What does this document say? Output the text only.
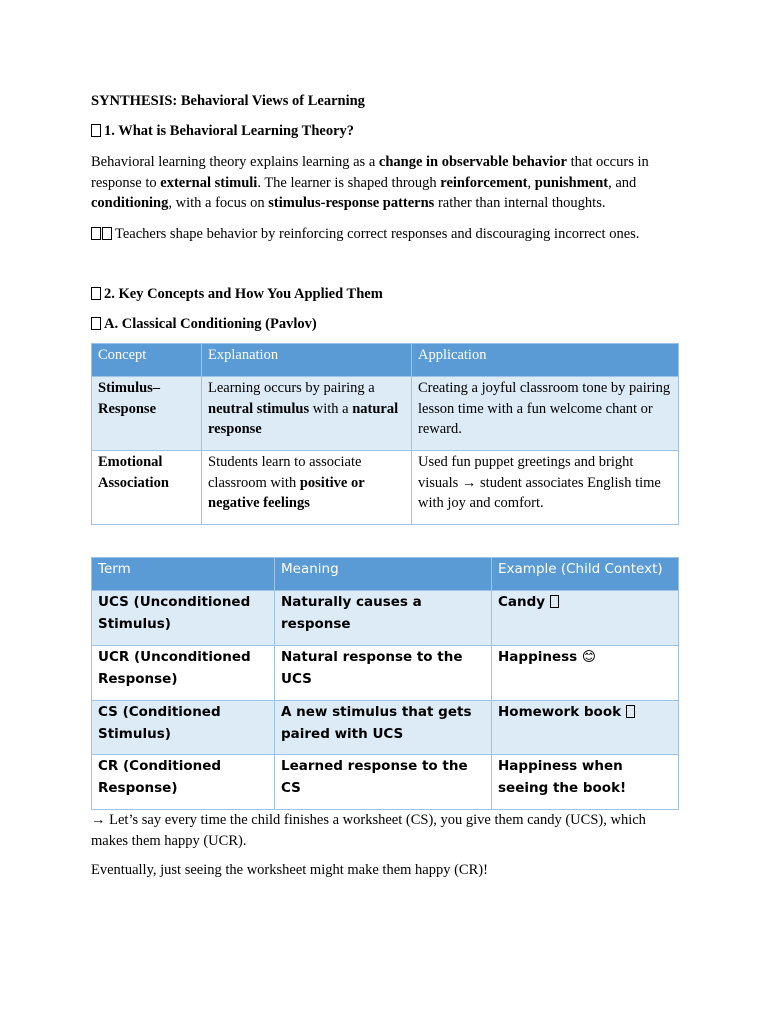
SYNTHESIS: Behavioral Views of Learning

1. What is Behavioral Learning Theory?

Behavioral learning theory explains learning as a change in observable behavior that occurs in response to external stimuli. The learner is shaped through reinforcement, punishment, and conditioning, with a focus on stimulus-response patterns rather than internal thoughts.

Teachers shape behavior by reinforcing correct responses and discouraging incorrect ones.

2. Key Concepts and How You Applied Them

A. Classical Conditioning (Pavlov)

Concept	Explanation	Application
Stimulus–Response	Learning occurs by pairing a neutral stimulus with a natural response	Creating a joyful classroom tone by pairing lesson time with a fun welcome chant or reward.
Emotional Association	Students learn to associate classroom with positive or negative feelings	Used fun puppet greetings and bright visuals → student associates English time with joy and comfort.
Term	Meaning	Example (Child Context)
UCS (Unconditioned Stimulus)	Naturally causes a response	Candy
UCR (Unconditioned Response)	Natural response to the UCS	Happiness 😊
CS (Conditioned Stimulus)	A new stimulus that gets paired with UCS	Homework book
CR (Conditioned Response)	Learned response to the CS	Happiness when seeing the book!

→ Let’s say every time the child finishes a worksheet (CS), you give them candy (UCS), which makes them happy (UCR).

Eventually, just seeing the worksheet might make them happy (CR)!
